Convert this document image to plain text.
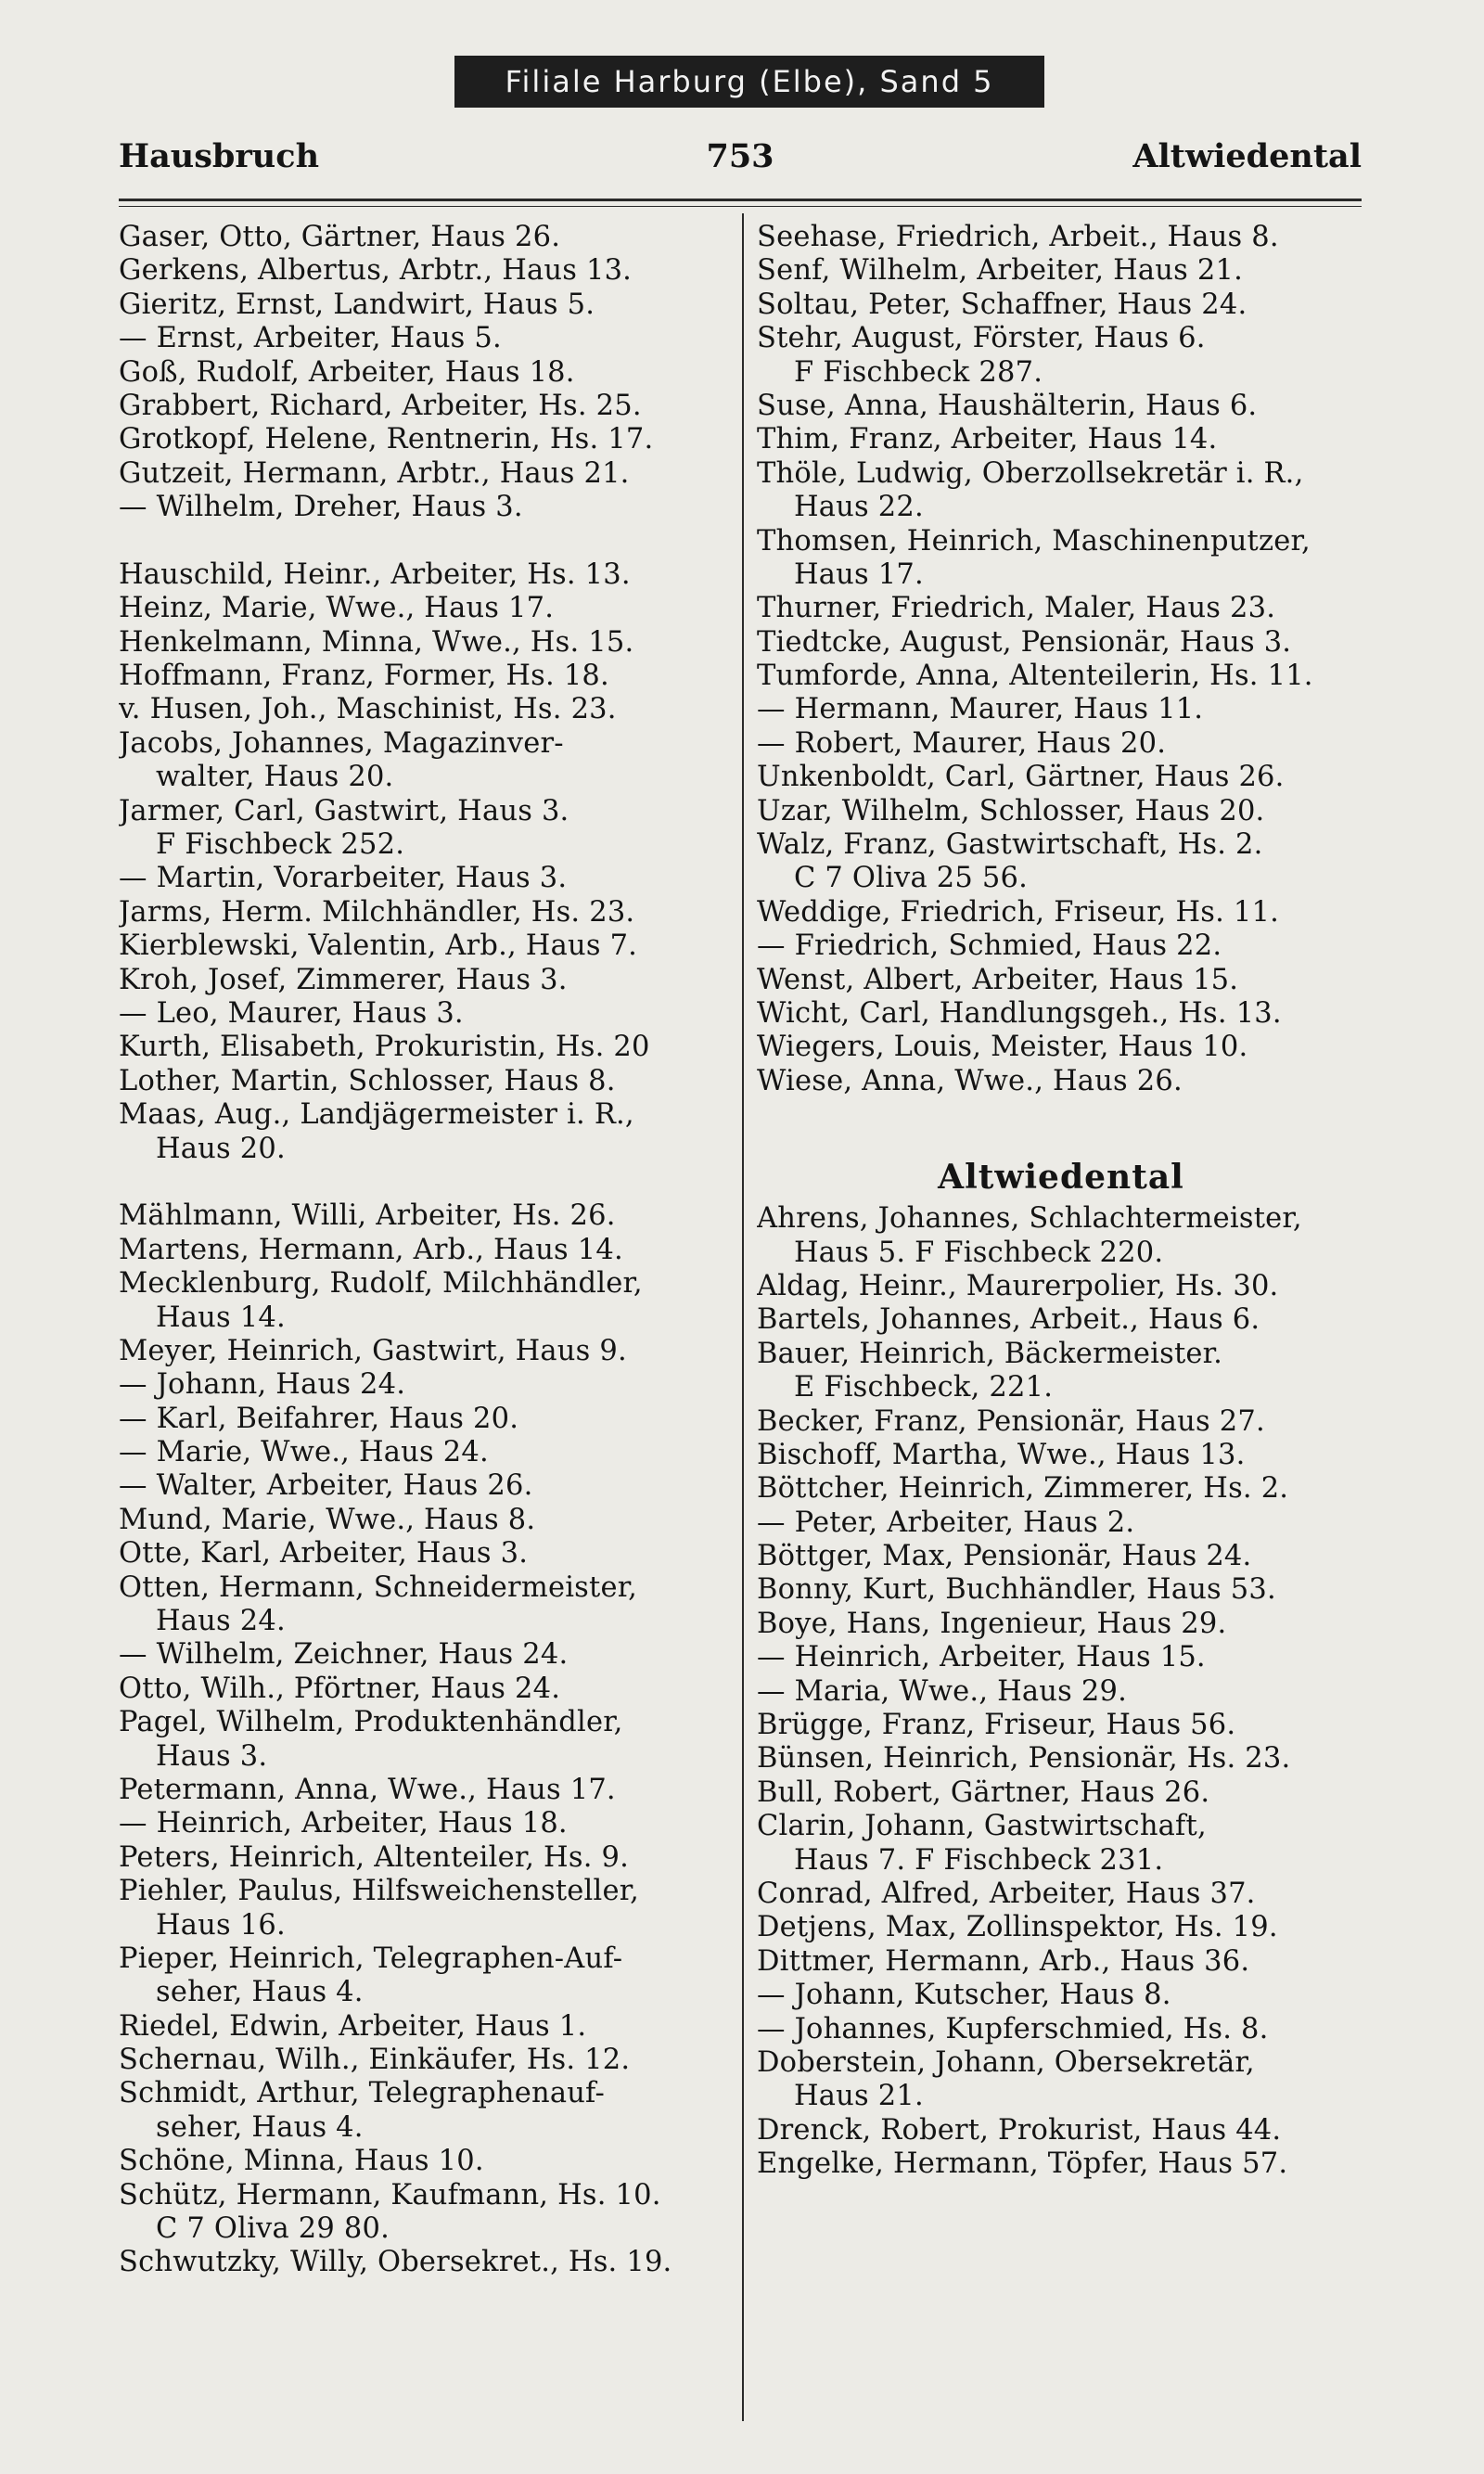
Filiale Harburg (Elbe), Sand 5
Hausbruch	753	Altwiedental
Gaser, Otto, Gärtner, Haus 26.
Gerkens, Albertus, Arbtr., Haus 13.
Gieritz, Ernst, Landwirt, Haus 5.
— Ernst, Arbeiter, Haus 5.
Goß, Rudolf, Arbeiter, Haus 18.
Grabbert, Richard, Arbeiter, Hs. 25.
Grotkopf, Helene, Rentnerin, Hs. 17.
Gutzeit, Hermann, Arbtr., Haus 21.
— Wilhelm, Dreher, Haus 3.
Hauschild, Heinr., Arbeiter, Hs. 13.
Heinz, Marie, Wwe., Haus 17.
Henkelmann, Minna, Wwe., Hs. 15.
Hoffmann, Franz, Former, Hs. 18.
v. Husen, Joh., Maschinist, Hs. 23.
Jacobs, Johannes, Magazinver-
walter, Haus 20.
Jarmer, Carl, Gastwirt, Haus 3.
F Fischbeck 252.
— Martin, Vorarbeiter, Haus 3.
Jarms, Herm. Milchhändler, Hs. 23.
Kierblewski, Valentin, Arb., Haus 7.
Kroh, Josef, Zimmerer, Haus 3.
— Leo, Maurer, Haus 3.
Kurth, Elisabeth, Prokuristin, Hs. 20
Lother, Martin, Schlosser, Haus 8.
Maas, Aug., Landjägermeister i. R.,
Haus 20.
Mählmann, Willi, Arbeiter, Hs. 26.
Martens, Hermann, Arb., Haus 14.
Mecklenburg, Rudolf, Milchhändler,
Haus 14.
Meyer, Heinrich, Gastwirt, Haus 9.
— Johann, Haus 24.
— Karl, Beifahrer, Haus 20.
— Marie, Wwe., Haus 24.
— Walter, Arbeiter, Haus 26.
Mund, Marie, Wwe., Haus 8.
Otte, Karl, Arbeiter, Haus 3.
Otten, Hermann, Schneidermeister,
Haus 24.
— Wilhelm, Zeichner, Haus 24.
Otto, Wilh., Pförtner, Haus 24.
Pagel, Wilhelm, Produktenhändler,
Haus 3.
Petermann, Anna, Wwe., Haus 17.
— Heinrich, Arbeiter, Haus 18.
Peters, Heinrich, Altenteiler, Hs. 9.
Piehler, Paulus, Hilfsweichensteller,
Haus 16.
Pieper, Heinrich, Telegraphen-Auf-
seher, Haus 4.
Riedel, Edwin, Arbeiter, Haus 1.
Schernau, Wilh., Einkäufer, Hs. 12.
Schmidt, Arthur, Telegraphenauf-
seher, Haus 4.
Schöne, Minna, Haus 10.
Schütz, Hermann, Kaufmann, Hs. 10.
C 7 Oliva 29 80.
Schwutzky, Willy, Obersekret., Hs. 19.
Seehase, Friedrich, Arbeit., Haus 8.
Senf, Wilhelm, Arbeiter, Haus 21.
Soltau, Peter, Schaffner, Haus 24.
Stehr, August, Förster, Haus 6.
F Fischbeck 287.
Suse, Anna, Haushälterin, Haus 6.
Thim, Franz, Arbeiter, Haus 14.
Thöle, Ludwig, Oberzollsekretär i. R.,
Haus 22.
Thomsen, Heinrich, Maschinenputzer,
Haus 17.
Thurner, Friedrich, Maler, Haus 23.
Tiedtcke, August, Pensionär, Haus 3.
Tumforde, Anna, Altenteilerin, Hs. 11.
— Hermann, Maurer, Haus 11.
— Robert, Maurer, Haus 20.
Unkenboldt, Carl, Gärtner, Haus 26.
Uzar, Wilhelm, Schlosser, Haus 20.
Walz, Franz, Gastwirtschaft, Hs. 2.
C 7 Oliva 25 56.
Weddige, Friedrich, Friseur, Hs. 11.
— Friedrich, Schmied, Haus 22.
Wenst, Albert, Arbeiter, Haus 15.
Wicht, Carl, Handlungsgeh., Hs. 13.
Wiegers, Louis, Meister, Haus 10.
Wiese, Anna, Wwe., Haus 26.
Altwiedental
Ahrens, Johannes, Schlachtermeister,
Haus 5. F Fischbeck 220.
Aldag, Heinr., Maurerpolier, Hs. 30.
Bartels, Johannes, Arbeit., Haus 6.
Bauer, Heinrich, Bäckermeister.
E Fischbeck, 221.
Becker, Franz, Pensionär, Haus 27.
Bischoff, Martha, Wwe., Haus 13.
Böttcher, Heinrich, Zimmerer, Hs. 2.
— Peter, Arbeiter, Haus 2.
Böttger, Max, Pensionär, Haus 24.
Bonny, Kurt, Buchhändler, Haus 53.
Boye, Hans, Ingenieur, Haus 29.
— Heinrich, Arbeiter, Haus 15.
— Maria, Wwe., Haus 29.
Brügge, Franz, Friseur, Haus 56.
Bünsen, Heinrich, Pensionär, Hs. 23.
Bull, Robert, Gärtner, Haus 26.
Clarin, Johann, Gastwirtschaft,
Haus 7. F Fischbeck 231.
Conrad, Alfred, Arbeiter, Haus 37.
Detjens, Max, Zollinspektor, Hs. 19.
Dittmer, Hermann, Arb., Haus 36.
— Johann, Kutscher, Haus 8.
— Johannes, Kupferschmied, Hs. 8.
Doberstein, Johann, Obersekretär,
Haus 21.
Drenck, Robert, Prokurist, Haus 44.
Engelke, Hermann, Töpfer, Haus 57.
